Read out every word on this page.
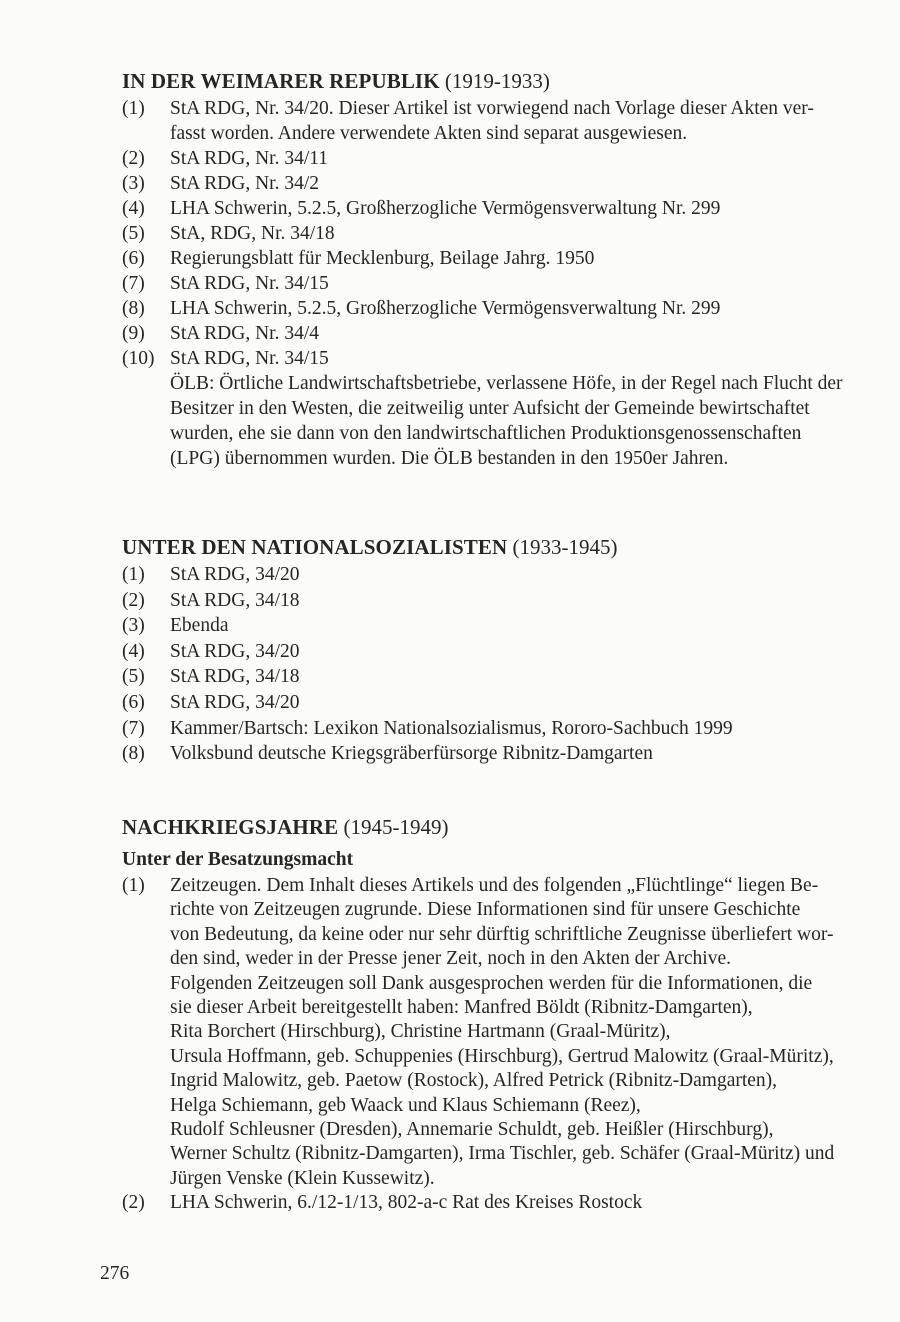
IN DER WEIMARER REPUBLIK (1919-1933)
(1)	StA RDG, Nr. 34/20. Dieser Artikel ist vorwiegend nach Vorlage dieser Akten ver-
fasst worden. Andere verwendete Akten sind separat ausgewiesen.
(2)	StA RDG, Nr. 34/11
(3)	StA RDG, Nr. 34/2
(4)	LHA Schwerin, 5.2.5, Großherzogliche Vermögensverwaltung Nr. 299
(5)	StA, RDG, Nr. 34/18
(6)	Regierungsblatt für Mecklenburg, Beilage Jahrg. 1950
(7)	StA RDG, Nr. 34/15
(8)	LHA Schwerin, 5.2.5, Großherzogliche Vermögensverwaltung Nr. 299
(9)	StA RDG, Nr. 34/4
(10) StA RDG, Nr. 34/15
ÖLB: Örtliche Landwirtschaftsbetriebe, verlassene Höfe, in der Regel nach Flucht der
Besitzer in den Westen, die zeitweilig unter Aufsicht der Gemeinde bewirtschaftet
wurden, ehe sie dann von den landwirtschaftlichen Produktionsgenossenschaften
(LPG) übernommen wurden. Die ÖLB bestanden in den 1950er Jahren.
UNTER DEN NATIONALSOZIALISTEN (1933-1945)
(1)	StA RDG, 34/20
(2)	StA RDG, 34/18
(3)	Ebenda
(4)	StA RDG, 34/20
(5)	StA RDG, 34/18
(6)	StA RDG, 34/20
(7)	Kammer/Bartsch: Lexikon Nationalsozialismus, Rororo-Sachbuch 1999
(8)	Volksbund deutsche Kriegsgräberfürsorge Ribnitz-Damgarten
NACHKRIEGSJAHRE (1945-1949)
Unter der Besatzungsmacht
(1)	Zeitzeugen. Dem Inhalt dieses Artikels und des folgenden „Flüchtlinge“ liegen Be-
richte von Zeitzeugen zugrunde. Diese Informationen sind für unsere Geschichte
von Bedeutung, da keine oder nur sehr dürftig schriftliche Zeugnisse überliefert wor-
den sind, weder in der Presse jener Zeit, noch in den Akten der Archive.
Folgenden Zeitzeugen soll Dank ausgesprochen werden für die Informationen, die
sie dieser Arbeit bereitgestellt haben: Manfred Böldt (Ribnitz-Damgarten),
Rita Borchert (Hirschburg), Christine Hartmann (Graal-Müritz),
Ursula Hoffmann, geb. Schuppenies (Hirschburg), Gertrud Malowitz (Graal-Müritz),
Ingrid Malowitz, geb. Paetow (Rostock), Alfred Petrick (Ribnitz-Damgarten),
Helga Schiemann, geb Waack und Klaus Schiemann (Reez),
Rudolf Schleusner (Dresden), Annemarie Schuldt, geb. Heißler (Hirschburg),
Werner Schultz (Ribnitz-Damgarten), Irma Tischler, geb. Schäfer (Graal-Müritz) und
Jürgen Venske (Klein Kussewitz).
(2)	LHA Schwerin, 6./12-1/13, 802-a-c Rat des Kreises Rostock
276
